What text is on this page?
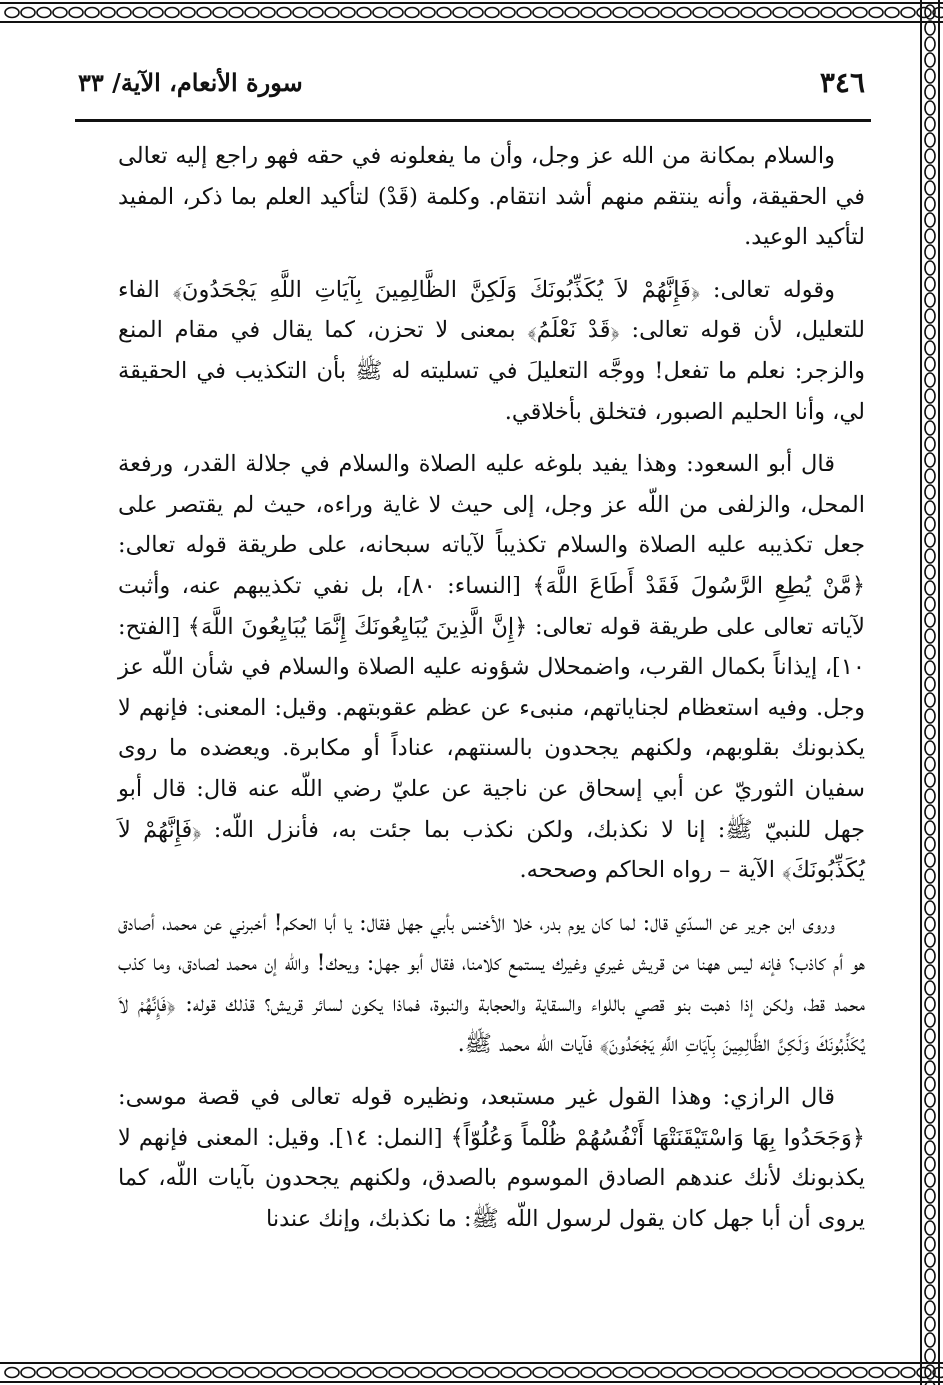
٣٤٦
سورة الأنعام، الآية/ ٣٣

والسلام بمكانة من الله عز وجل، وأن ما يفعلونه في حقه فهو راجع إليه تعالى في الحقيقة، وأنه ينتقم منهم أشد انتقام. وكلمة (قَدْ) لتأكيد العلم بما ذكر، المفيد لتأكيد الوعيد.

وقوله تعالى: ﴿فَإِنَّهُمْ لاَ يُكَذِّبُونَكَ وَلَكِنَّ الظَّالِمِينَ بِآيَاتِ اللَّهِ يَجْحَدُونَ﴾ الفاء للتعليل، لأن قوله تعالى: ﴿قَدْ نَعْلَمُ﴾ بمعنى لا تحزن، كما يقال في مقام المنع والزجر: نعلم ما تفعل! ووجَّه التعليلَ في تسليته له ﷺ بأن التكذيب في الحقيقة لي، وأنا الحليم الصبور، فتخلق بأخلاقي.

قال أبو السعود: وهذا يفيد بلوغه عليه الصلاة والسلام في جلالة القدر، ورفعة المحل، والزلفى من اللّه عز وجل، إلى حيث لا غاية وراءه، حيث لم يقتصر على جعل تكذيبه عليه الصلاة والسلام تكذيباً لآياته سبحانه، على طريقة قوله تعالى: ﴿مَّنْ يُطِعِ الرَّسُولَ فَقَدْ أَطَاعَ اللَّهَ﴾ [النساء: ٨٠]، بل نفي تكذيبهم عنه، وأثبت لآياته تعالى على طريقة قوله تعالى: ﴿إِنَّ الَّذِينَ يُبَايِعُونَكَ إِنَّمَا يُبَايِعُونَ اللَّهَ﴾ [الفتح: ١٠]، إيذاناً بكمال القرب، واضمحلال شؤونه عليه الصلاة والسلام في شأن اللّه عز وجل. وفيه استعظام لجناياتهم، منبىء عن عظم عقوبتهم. وقيل: المعنى: فإنهم لا يكذبونك بقلوبهم، ولكنهم يجحدون بالسنتهم، عناداً أو مكابرة. ويعضده ما روى سفيان الثوريّ عن أبي إسحاق عن ناجية عن عليّ رضي اللّه عنه قال: قال أبو جهل للنبيّ ﷺ: إنا لا نكذبك، ولكن نكذب بما جئت به، فأنزل اللّه: ﴿فَإِنَّهُمْ لاَ يُكَذِّبُونَكَ﴾ الآية – رواه الحاكم وصححه.

وروى ابن جرير عن السدّي قال: لما كان يوم بدر، خلا الأخنس بأبي جهل فقال: يا أبا الحكم! أخبرني عن محمد، أصادق هو أم كاذب؟ فإنه ليس ههنا من قريش غيري وغيرك يستمع كلامنا، فقال أبو جهل: ويحك! واللّه إن محمد لصادق، وما كذب محمد قط، ولكن إذا ذهبت بنو قصي باللواء والسقاية والحجابة والنبوة، فماذا يكون لسائر قريش؟ قذلك قوله: ﴿فَإِنَّهُمْ لاَ يُكَذِّبُونَكَ وَلَكِنَّ الظَّالِمِينَ بِآيَاتِ اللَّهِ يَجْحَدُونَ﴾ فآيات اللّه محمد ﷺ.

قال الرازي: وهذا القول غير مستبعد، ونظيره قوله تعالى في قصة موسى: ﴿وَجَحَدُوا بِهَا وَاسْتَيْقَنَتْهَا أَنْفُسُهُمْ ظُلْماً وَعُلُوّاً﴾ [النمل: ١٤]. وقيل: المعنى فإنهم لا يكذبونك لأنك عندهم الصادق الموسوم بالصدق، ولكنهم يجحدون بآيات اللّه، كما يروى أن أبا جهل كان يقول لرسول اللّه ﷺ: ما نكذبك، وإنك عندنا
